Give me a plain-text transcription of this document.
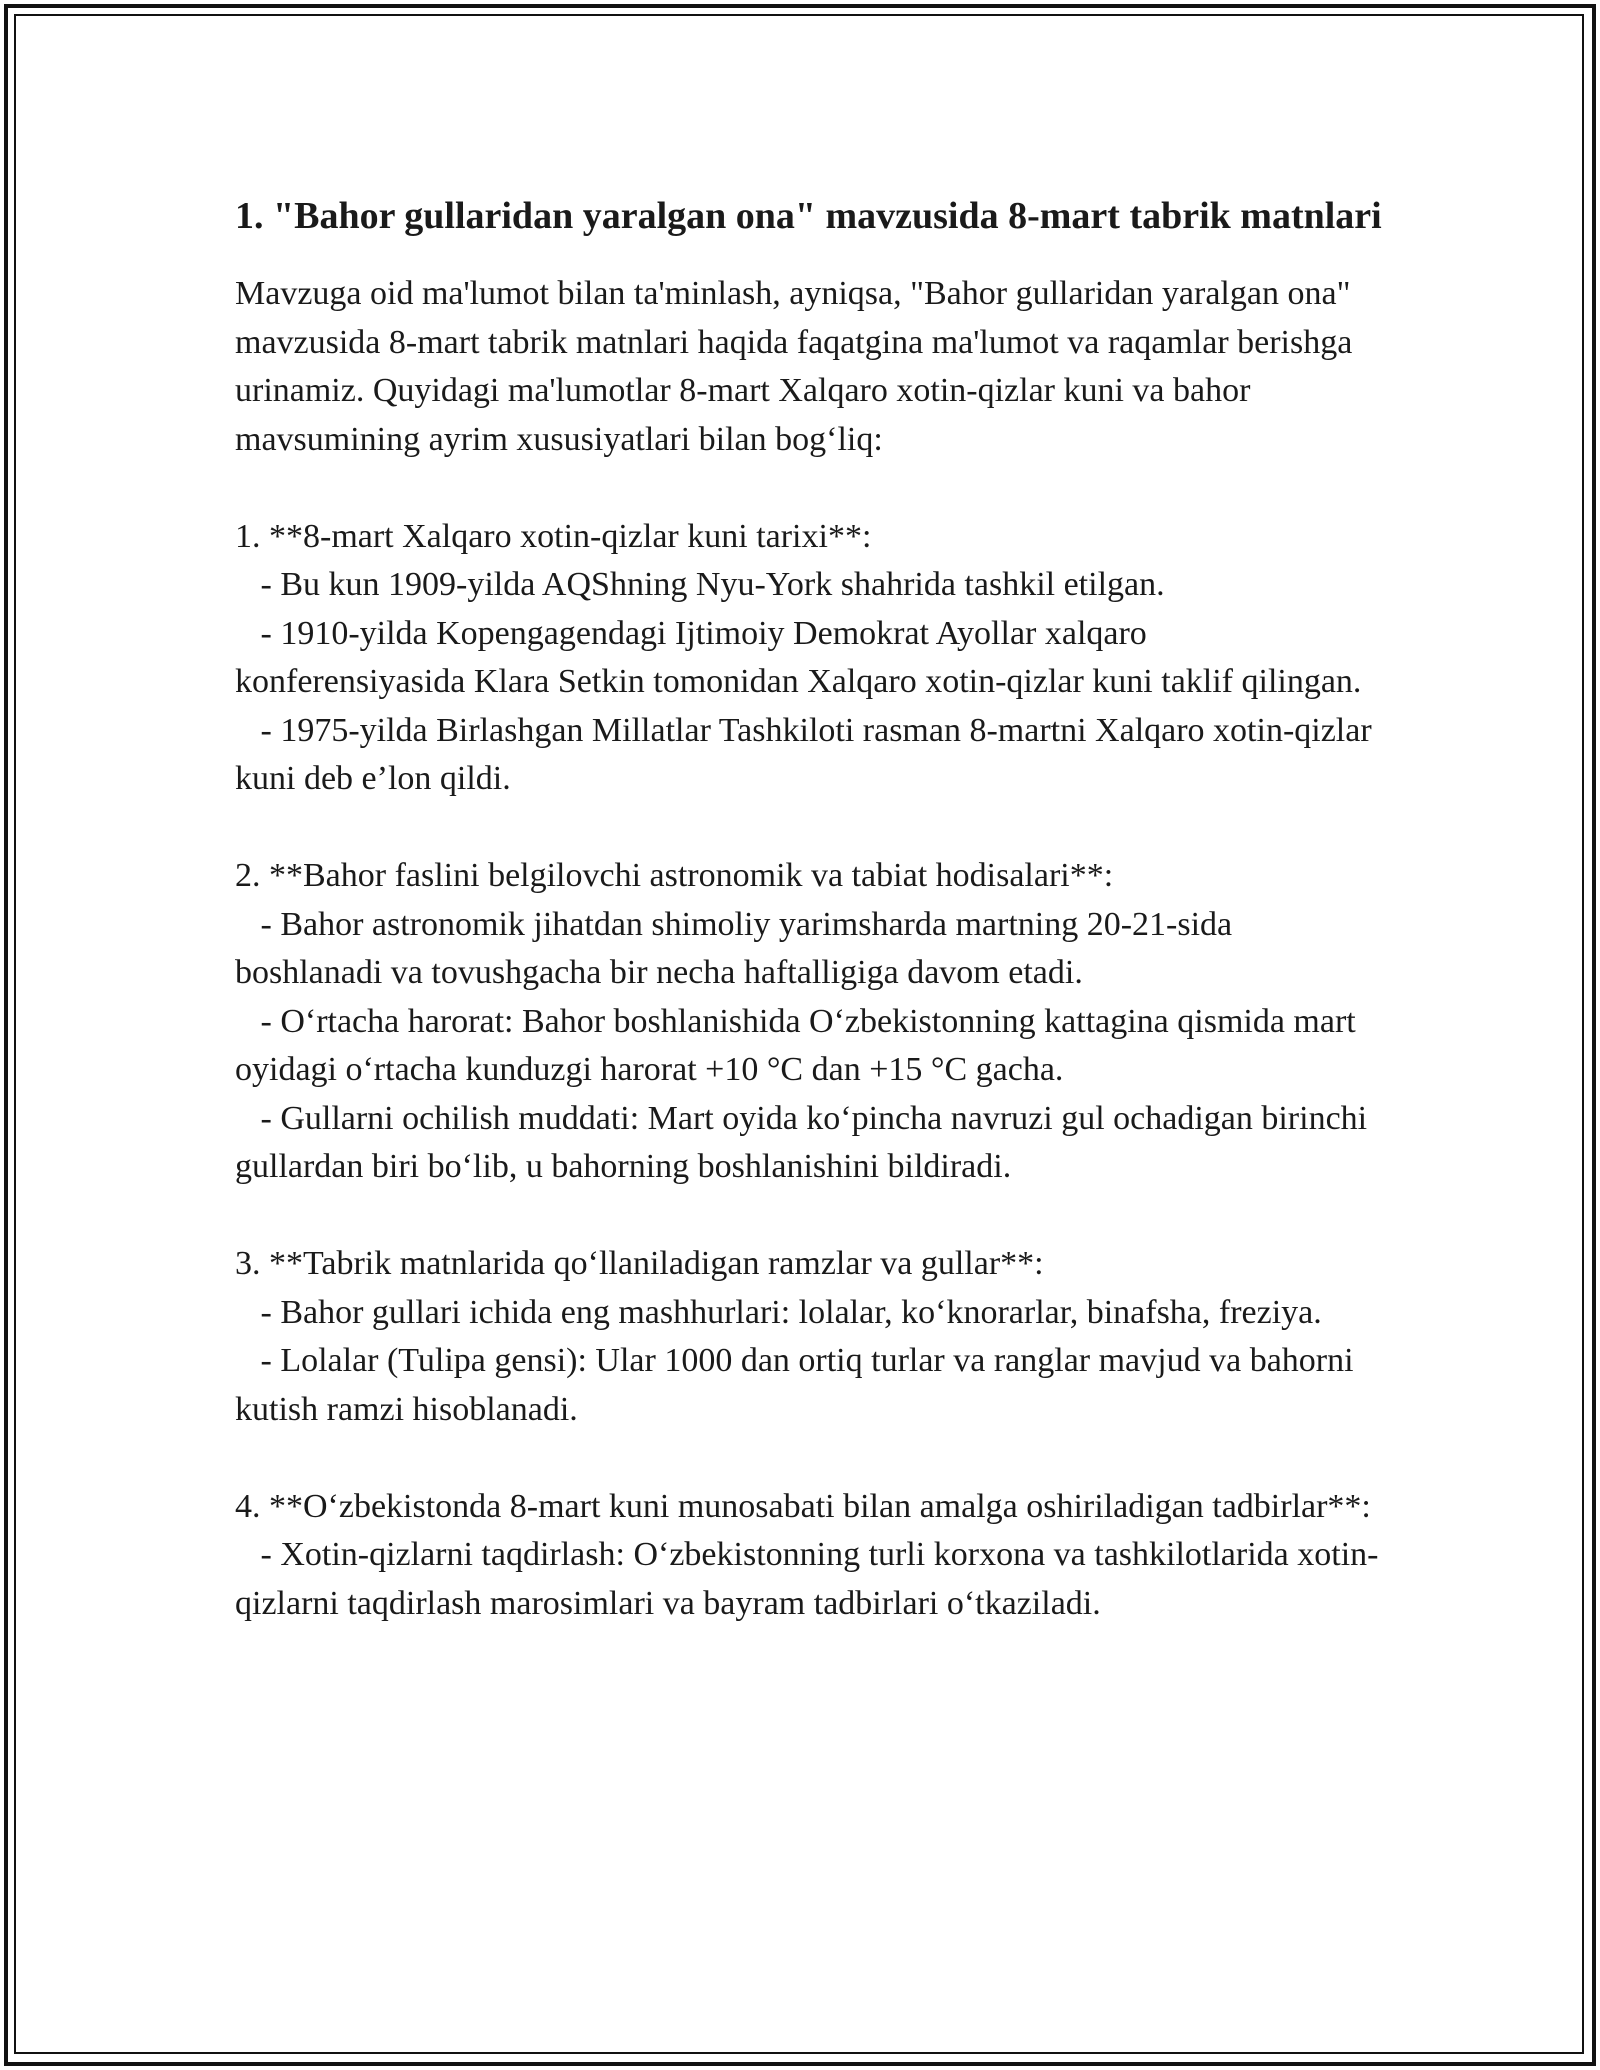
1. "Bahor gullaridan yaralgan ona" mavzusida 8-mart tabrik matnlari

Mavzuga oid ma'lumot bilan ta'minlash, ayniqsa, "Bahor gullaridan yaralgan ona"  mavzusida 8-mart tabrik matnlari haqida faqatgina ma'lumot va raqamlar berishga urinamiz. Quyidagi ma'lumotlar 8-mart Xalqaro xotin-qizlar kuni va bahor mavsumining ayrim xususiyatlari bilan bog‘liq:

1. **8-mart Xalqaro xotin-qizlar kuni tarixi**:

- Bu kun 1909-yilda AQShning Nyu-York shahrida tashkil etilgan.

- 1910-yilda Kopengagendagi Ijtimoiy Demokrat Ayollar xalqaro konferensiyasida Klara Setkin tomonidan Xalqaro xotin-qizlar kuni taklif qilingan.

- 1975-yilda Birlashgan Millatlar Tashkiloti rasman 8-martni Xalqaro xotin-qizlar kuni deb e’lon qildi.

2. **Bahor faslini belgilovchi astronomik va tabiat hodisalari**:

- Bahor astronomik jihatdan shimoliy yarimsharda martning 20-21-sida boshlanadi va tovushgacha bir necha haftalligiga davom etadi.

- O‘rtacha harorat: Bahor boshlanishida O‘zbekistonning kattagina qismida mart oyidagi o‘rtacha kunduzgi harorat +10 °C dan +15 °C gacha.

- Gullarni ochilish muddati: Mart oyida ko‘pincha navruzi gul ochadigan birinchi gullardan biri bo‘lib, u bahorning boshlanishini bildiradi.

3. **Tabrik matnlarida qo‘llaniladigan ramzlar va gullar**:

- Bahor gullari ichida eng mashhurlari: lolalar, ko‘knorarlar, binafsha, freziya.

- Lolalar (Tulipa gensi): Ular 1000 dan ortiq turlar va ranglar mavjud va bahorni kutish ramzi hisoblanadi.

4. **O‘zbekistonda 8-mart kuni munosabati bilan amalga oshiriladigan tadbirlar**:

- Xotin-qizlarni taqdirlash: O‘zbekistonning turli korxona va tashkilotlarida xotin-qizlarni taqdirlash marosimlari va bayram tadbirlari o‘tkaziladi.
